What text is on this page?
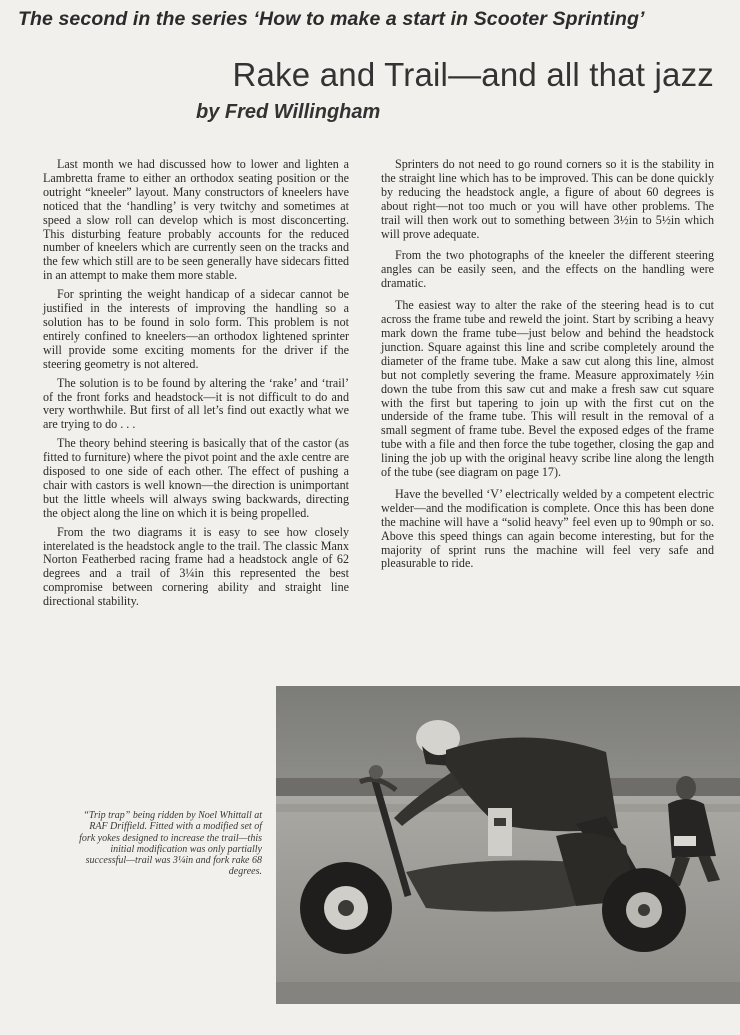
The second in the series ‘How to make a start in Scooter Sprinting’
Rake and Trail—and all that jazz
by Fred Willingham

Last month we had discussed how to lower and lighten a Lambretta frame to either an orthodox seating position or the outright “kneeler” layout. Many constructors of kneelers have noticed that the ‘handling’ is very twitchy and sometimes at speed a slow roll can develop which is most disconcerting. This disturbing feature probably accounts for the reduced number of kneelers which are currently seen on the tracks and the few which still are to be seen generally have sidecars fitted in an attempt to make them more stable.

For sprinting the weight handicap of a sidecar cannot be justified in the interests of improving the handling so a solution has to be found in solo form. This problem is not entirely confined to kneelers—an orthodox lightened sprinter will provide some exciting moments for the driver if the steering geometry is not altered.

The solution is to be found by altering the ‘rake’ and ‘trail’ of the front forks and headstock—it is not difficult to do and very worthwhile. But first of all let’s find out exactly what we are trying to do . . .

The theory behind steering is basically that of the castor (as fitted to furniture) where the pivot point and the axle centre are disposed to one side of each other. The effect of pushing a chair with castors is well known—the direction is unimportant but the little wheels will always swing backwards, directing the object along the line on which it is being propelled.

From the two diagrams it is easy to see how closely interelated is the headstock angle to the trail. The classic Manx Norton Featherbed racing frame had a headstock angle of 62 degrees and a trail of 3¼in this represented the best compromise between cornering ability and straight line directional stability.

Sprinters do not need to go round corners so it is the stability in the straight line which has to be improved. This can be done quickly by reducing the headstock angle, a figure of about 60 degrees is about right—not too much or you will have other problems. The trail will then work out to something between 3½in to 5½in which will prove adequate.

From the two photographs of the kneeler the different steering angles can be easily seen, and the effects on the handling were dramatic.

The easiest way to alter the rake of the steering head is to cut across the frame tube and reweld the joint. Start by scribing a heavy mark down the frame tube—just below and behind the headstock junction. Square against this line and scribe completely around the diameter of the frame tube. Make a saw cut along this line, almost but not completly severing the frame. Measure approximately ½in down the tube from this saw cut and make a fresh saw cut square with the first but tapering to join up with the first cut on the underside of the frame tube. This will result in the removal of a small segment of frame tube. Bevel the exposed edges of the frame tube with a file and then force the tube together, closing the gap and lining the job up with the original heavy scribe line along the length of the tube (see diagram on page 17).

Have the bevelled ‘V’ electrically welded by a competent electric welder—and the modification is complete. Once this has been done the machine will have a “solid heavy” feel even up to 90mph or so. Above this speed things can again become interesting, but for the majority of sprint runs the machine will feel very safe and pleasurable to ride.

“Trip trap” being ridden by Noel Whittall at RAF Driffield. Fitted with a modified set of fork yokes designed to increase the trail—this initial modification was only partially successful—trail was 3¼in and fork rake 68 degrees.
